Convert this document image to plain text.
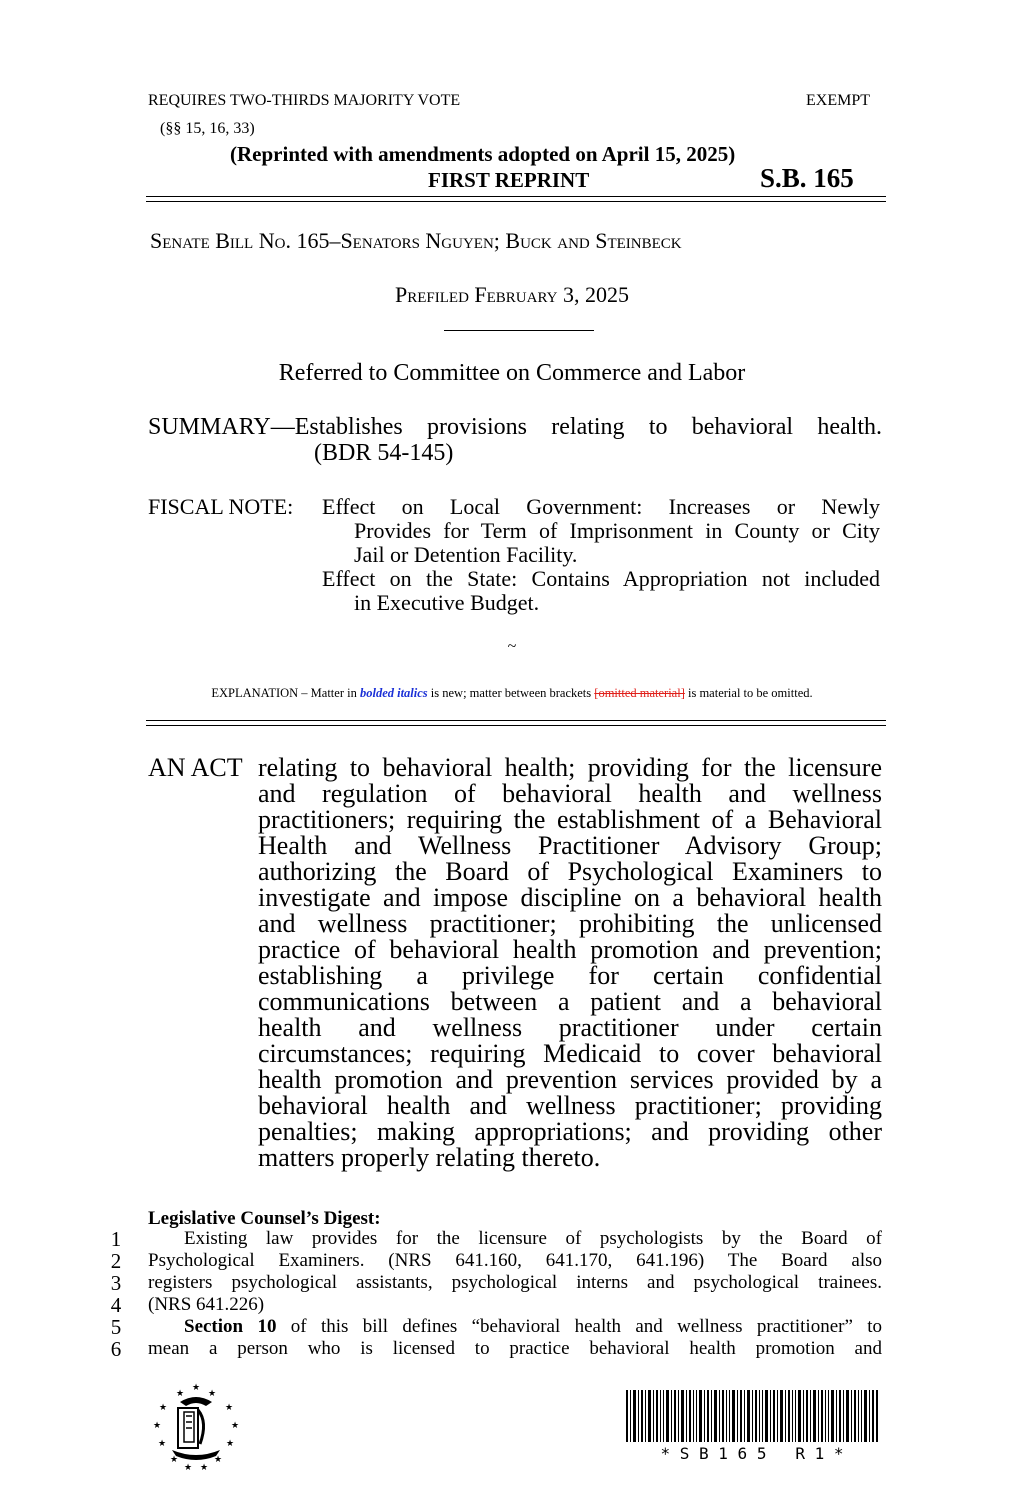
REQUIRES TWO-THIRDS MAJORITY VOTE	EXEMPT
(§§ 15, 16, 33)
(Reprinted with amendments adopted on April 15, 2025)
FIRST REPRINT	S.B. 165
Senate Bill No. 165–Senators Nguyen; Buck and Steinbeck
Prefiled February 3, 2025
Referred to Committee on Commerce and Labor
SUMMARY—Establishes provisions relating to behavioral health.
(BDR 54-145)
FISCAL NOTE: Effect on Local Government: Increases or Newly
Provides for Term of Imprisonment in County or City
Jail or Detention Facility.
Effect on the State: Contains Appropriation not included
in Executive Budget.
~
EXPLANATION – Matter in bolded italics is new; matter between brackets [omitted material] is material to be omitted.
AN ACT relating to behavioral health; providing for the licensure
and regulation of behavioral health and wellness
practitioners; requiring the establishment of a Behavioral
Health and Wellness Practitioner Advisory Group;
authorizing the Board of Psychological Examiners to
investigate and impose discipline on a behavioral health
and wellness practitioner; prohibiting the unlicensed
practice of behavioral health promotion and prevention;
establishing a privilege for certain confidential
communications between a patient and a behavioral
health and wellness practitioner under certain
circumstances; requiring Medicaid to cover behavioral
health promotion and prevention services provided by a
behavioral health and wellness practitioner; providing
penalties; making appropriations; and providing other
matters properly relating thereto.
Legislative Counsel’s Digest:
1
2
3
4
5
6
Existing law provides for the licensure of psychologists by the Board of
Psychological Examiners. (NRS 641.160, 641.170, 641.196) The Board also
registers psychological assistants, psychological interns and psychological trainees.
(NRS 641.226)
Section 10 of this bill defines “behavioral health and wellness practitioner” to
mean a person who is licensed to practice behavioral health promotion and
★
★
★
★	★
★	★
★	★
★	★
★ ★
* S B 1 6 5   R 1 *
